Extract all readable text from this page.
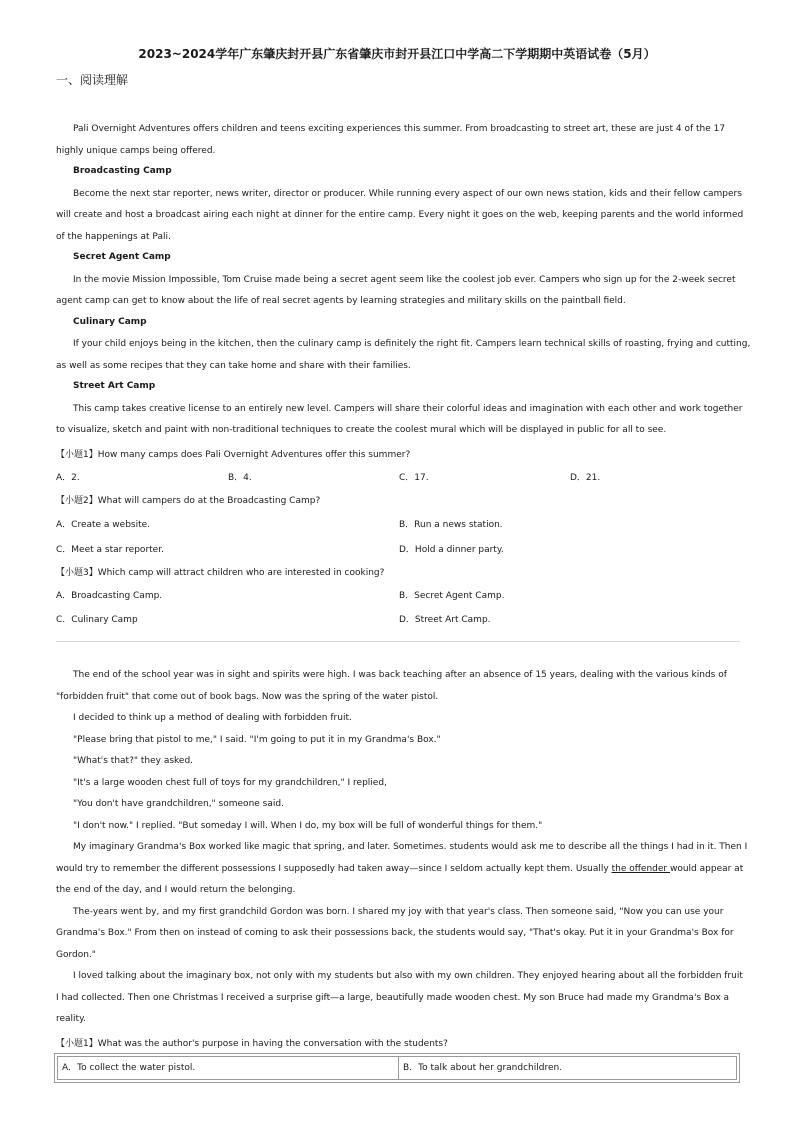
2023~2024学年广东肇庆封开县广东省肇庆市封开县江口中学高二下学期期中英语试卷（5月）
一、阅读理解
Pali Overnight Adventures offers children and teens exciting experiences this summer. From broadcasting to street art, these are just 4 of the 17
highly unique camps being offered.
Broadcasting Camp
Become the next star reporter, news writer, director or producer. While running every aspect of our own news station, kids and their fellow campers
will create and host a broadcast airing each night at dinner for the entire camp. Every night it goes on the web, keeping parents and the world informed
of the happenings at Pali.
Secret Agent Camp
In the movie Mission Impossible, Tom Cruise made being a secret agent seem like the coolest job ever. Campers who sign up for the 2-week secret
agent camp can get to know about the life of real secret agents by learning strategies and military skills on the paintball field.
Culinary Camp
If your child enjoys being in the kitchen, then the culinary camp is definitely the right fit. Campers learn technical skills of roasting, frying and cutting,
as well as some recipes that they can take home and share with their families.
Street Art Camp
This camp takes creative license to an entirely new level. Campers will share their colorful ideas and imagination with each other and work together
to visualize, sketch and paint with non-traditional techniques to create the coolest mural which will be displayed in public for all to see.
【小题1】How many camps does Pali Overnight Adventures offer this summer?
A．2.	B．4.	C．17.	D．21.
【小题2】What will campers do at the Broadcasting Camp?
A．Create a website.	B．Run a news station.
C．Meet a star reporter.	D．Hold a dinner party.
【小题3】Which camp will attract children who are interested in cooking?
A．Broadcasting Camp.	B．Secret Agent Camp.
C．Culinary Camp	D．Street Art Camp.
The end of the school year was in sight and spirits were high. I was back teaching after an absence of 15 years, dealing with the various kinds of
"forbidden fruit" that come out of book bags. Now was the spring of the water pistol.
I decided to think up a method of dealing with forbidden fruit.
"Please bring that pistol to me," I said. "I'm going to put it in my Grandma's Box."
"What's that?" they asked.
"It's a large wooden chest full of toys for my grandchildren," I replied,
"You don't have grandchildren," someone said.
"I don't now." I replied. "But someday I will. When I do, my box will be full of wonderful things for them."
My imaginary Grandma's Box worked like magic that spring, and later. Sometimes. students would ask me to describe all the things I had in it. Then I
would try to remember the different possessions I supposedly had taken away—since I seldom actually kept them. Usually the offender would appear at
the end of the day, and I would return the belonging.
The-years went by, and my first grandchild Gordon was born. I shared my joy with that year's class. Then someone said, "Now you can use your
Grandma's Box." From then on instead of coming to ask their possessions back, the students would say, "That's okay. Put it in your Grandma's Box for
Gordon."
I loved talking about the imaginary box, not only with my students but also with my own children. They enjoyed hearing about all the forbidden fruit
I had collected. Then one Christmas I received a surprise gift—a large, beautifully made wooden chest. My son Bruce had made my Grandma's Box a
reality.
【小题1】What was the author's purpose in having the conversation with the students?
A．To collect the water pistol.	B．To talk about her grandchildren.
